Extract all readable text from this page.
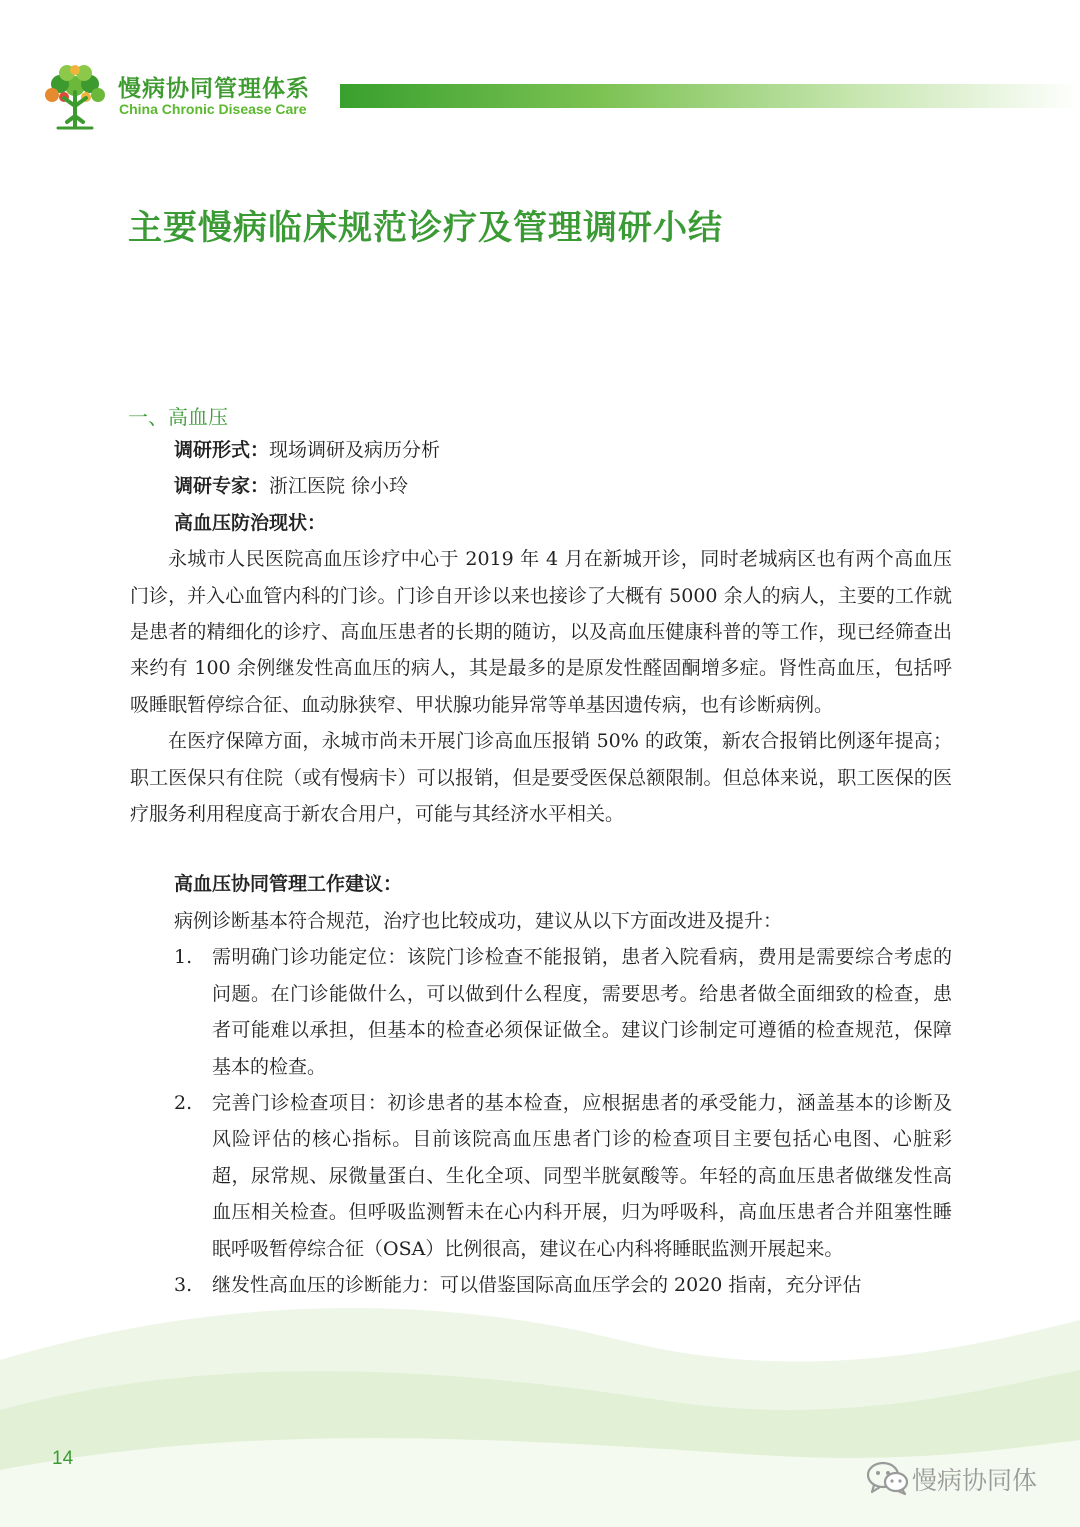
慢病协同管理体系
China Chronic Disease Care
主要慢病临床规范诊疗及管理调研小结
一、高血压

调研形式：现场调研及病历分析

调研专家：浙江医院 徐小玲

高血压防治现状：

永城市人民医院高血压诊疗中心于 2019 年 4 月在新城开诊，同时老城病区也有两个高血压门诊，并入心血管内科的门诊。门诊自开诊以来也接诊了大概有 5000 余人的病人，主要的工作就是患者的精细化的诊疗、高血压患者的长期的随访，以及高血压健康科普的等工作，现已经筛查出来约有 100 余例继发性高血压的病人，其是最多的是原发性醛固酮增多症。肾性高血压，包括呼吸睡眠暂停综合征、血动脉狭窄、甲状腺功能异常等单基因遗传病，也有诊断病例。

在医疗保障方面，永城市尚未开展门诊高血压报销 50% 的政策，新农合报销比例逐年提高；职工医保只有住院（或有慢病卡）可以报销，但是要受医保总额限制。但总体来说，职工医保的医疗服务利用程度高于新农合用户，可能与其经济水平相关。

高血压协同管理工作建议：

病例诊断基本符合规范，治疗也比较成功，建议从以下方面改进及提升：

1. 需明确门诊功能定位：该院门诊检查不能报销，患者入院看病，费用是需要综合考虑的问题。在门诊能做什么，可以做到什么程度，需要思考。给患者做全面细致的检查，患者可能难以承担，但基本的检查必须保证做全。建议门诊制定可遵循的检查规范，保障基本的检查。
2. 完善门诊检查项目：初诊患者的基本检查，应根据患者的承受能力，涵盖基本的诊断及风险评估的核心指标。目前该院高血压患者门诊的检查项目主要包括心电图、心脏彩超，尿常规、尿微量蛋白、生化全项、同型半胱氨酸等。年轻的高血压患者做继发性高血压相关检查。但呼吸监测暂未在心内科开展，归为呼吸科，高血压患者合并阻塞性睡眠呼吸暂停综合征（OSA）比例很高，建议在心内科将睡眠监测开展起来。
3. 继发性高血压的诊断能力：可以借鉴国际高血压学会的 2020 指南，充分评估
14
慢病协同体
